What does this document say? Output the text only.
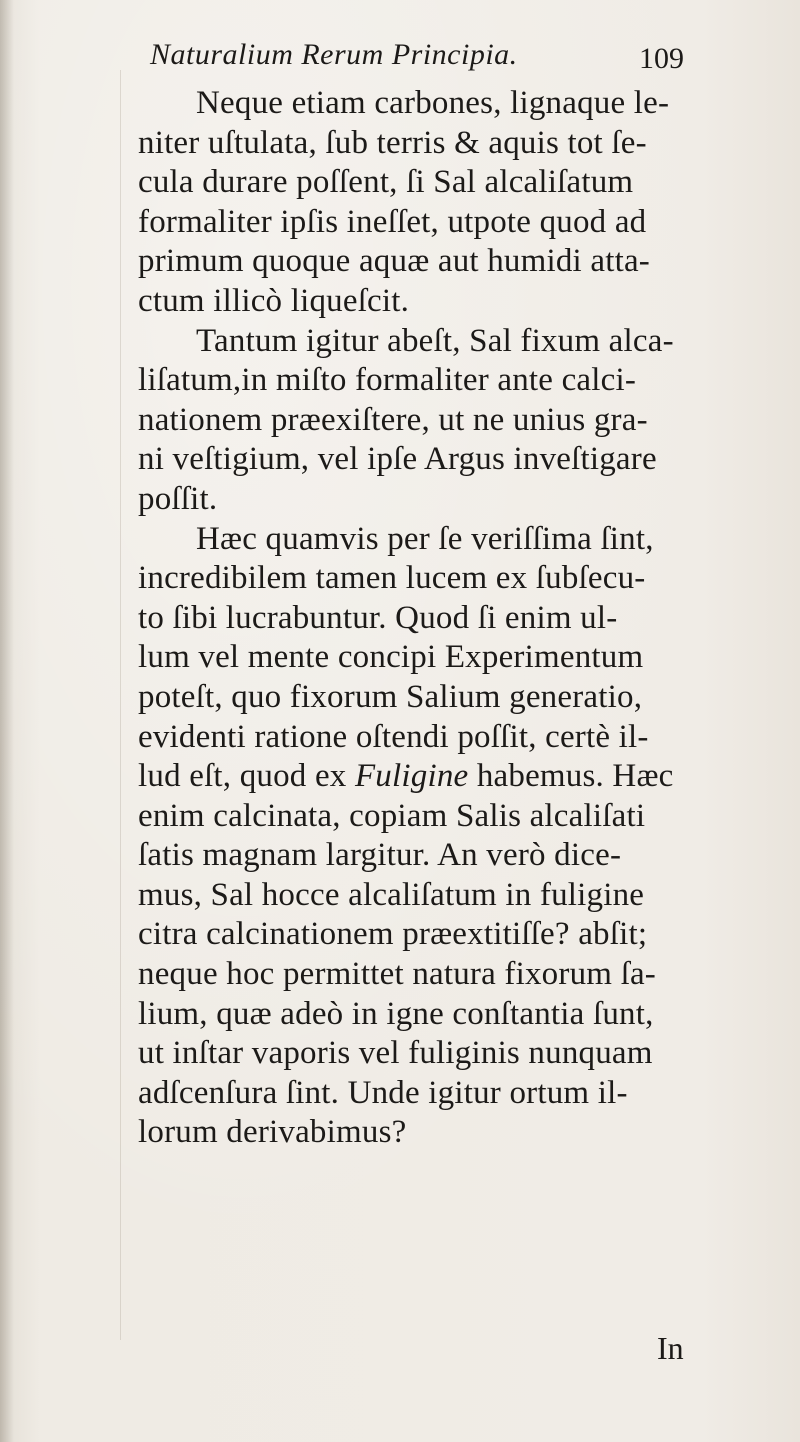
Naturalium Rerum Principia.	109
Neque etiam carbones, lignaque le-
niter uſtulata, ſub terris & aquis tot ſe-
cula durare poſſent, ſi Sal alcaliſatum
formaliter ipſis ineſſet, utpote quod ad
primum quoque aquæ aut humidi atta-
ctum illicò liqueſcit.
Tantum igitur abeſt, Sal fixum alca-
liſatum,in miſto formaliter ante calci-
nationem præexiſtere, ut ne unius gra-
ni veſtigium, vel ipſe Argus inveſtigare
poſſit.
Hæc quamvis per ſe veriſſima ſint,
incredibilem tamen lucem ex ſubſecu-
to ſibi lucrabuntur. Quod ſi enim ul-
lum vel mente concipi Experimentum
poteſt, quo fixorum Salium generatio,
evidenti ratione oſtendi poſſit, certè il-
lud eſt, quod ex Fuligine habemus. Hæc
enim calcinata, copiam Salis alcaliſati
ſatis magnam largitur. An verò dice-
mus, Sal hocce alcaliſatum in fuligine
citra calcinationem præextitiſſe? abſit;
neque hoc permittet natura fixorum ſa-
lium, quæ adeò in igne conſtantia ſunt,
ut inſtar vaporis vel fuliginis nunquam
adſcenſura ſint. Unde igitur ortum il-
lorum derivabimus?
In
